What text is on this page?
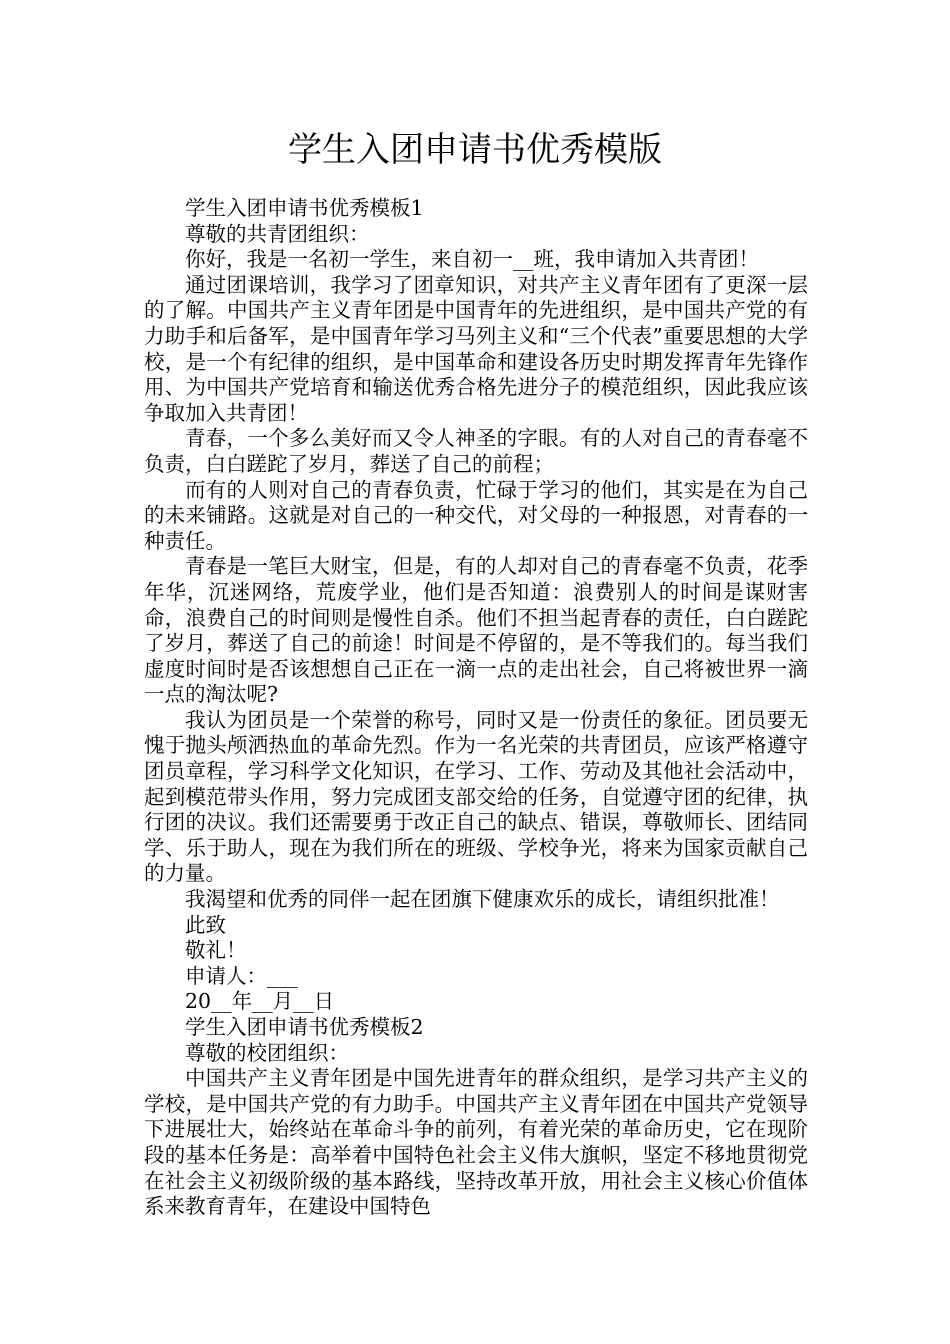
学生入团申请书优秀模版

学生入团申请书优秀模板1

尊敬的共青团组织：

你好，我是一名初一学生，来自初一__班，我申请加入共青团！

通过团课培训，我学习了团章知识，对共产主义青年团有了更深一层的了解。中国共产主义青年团是中国青年的先进组织，是中国共产党的有力助手和后备军，是中国青年学习马列主义和“三个代表”重要思想的大学校，是一个有纪律的组织，是中国革命和建设各历史时期发挥青年先锋作用、为中国共产党培育和输送优秀合格先进分子的模范组织，因此我应该争取加入共青团！

青春，一个多么美好而又令人神圣的字眼。有的人对自己的青春毫不负责，白白蹉跎了岁月，葬送了自己的前程；

而有的人则对自己的青春负责，忙碌于学习的他们，其实是在为自己的未来铺路。这就是对自己的一种交代，对父母的一种报恩，对青春的一种责任。

青春是一笔巨大财宝，但是，有的人却对自己的青春毫不负责，花季年华，沉迷网络，荒废学业，他们是否知道：浪费别人的时间是谋财害命，浪费自己的时间则是慢性自杀。他们不担当起青春的责任，白白蹉跎了岁月，葬送了自己的前途！时间是不停留的，是不等我们的。每当我们虚度时间时是否该想想自己正在一滴一点的走出社会，自己将被世界一滴一点的淘汰呢?

我认为团员是一个荣誉的称号，同时又是一份责任的象征。团员要无愧于抛头颅洒热血的革命先烈。作为一名光荣的共青团员，应该严格遵守团员章程，学习科学文化知识，在学习、工作、劳动及其他社会活动中，起到模范带头作用，努力完成团支部交给的任务，自觉遵守团的纪律，执行团的决议。我们还需要勇于改正自己的缺点、错误，尊敬师长、团结同学、乐于助人，现在为我们所在的班级、学校争光，将来为国家贡献自己的力量。

我渴望和优秀的同伴一起在团旗下健康欢乐的成长，请组织批准！

此致

敬礼！

申请人：___

20__年__月__日

学生入团申请书优秀模板2

尊敬的校团组织：

中国共产主义青年团是中国先进青年的群众组织，是学习共产主义的学校，是中国共产党的有力助手。中国共产主义青年团在中国共产党领导下进展壮大，始终站在革命斗争的前列，有着光荣的革命历史，它在现阶段的基本任务是：高举着中国特色社会主义伟大旗帜，坚定不移地贯彻党在社会主义初级阶级的基本路线，坚持改革开放，用社会主义核心价值体系来教育青年，在建设中国特色
